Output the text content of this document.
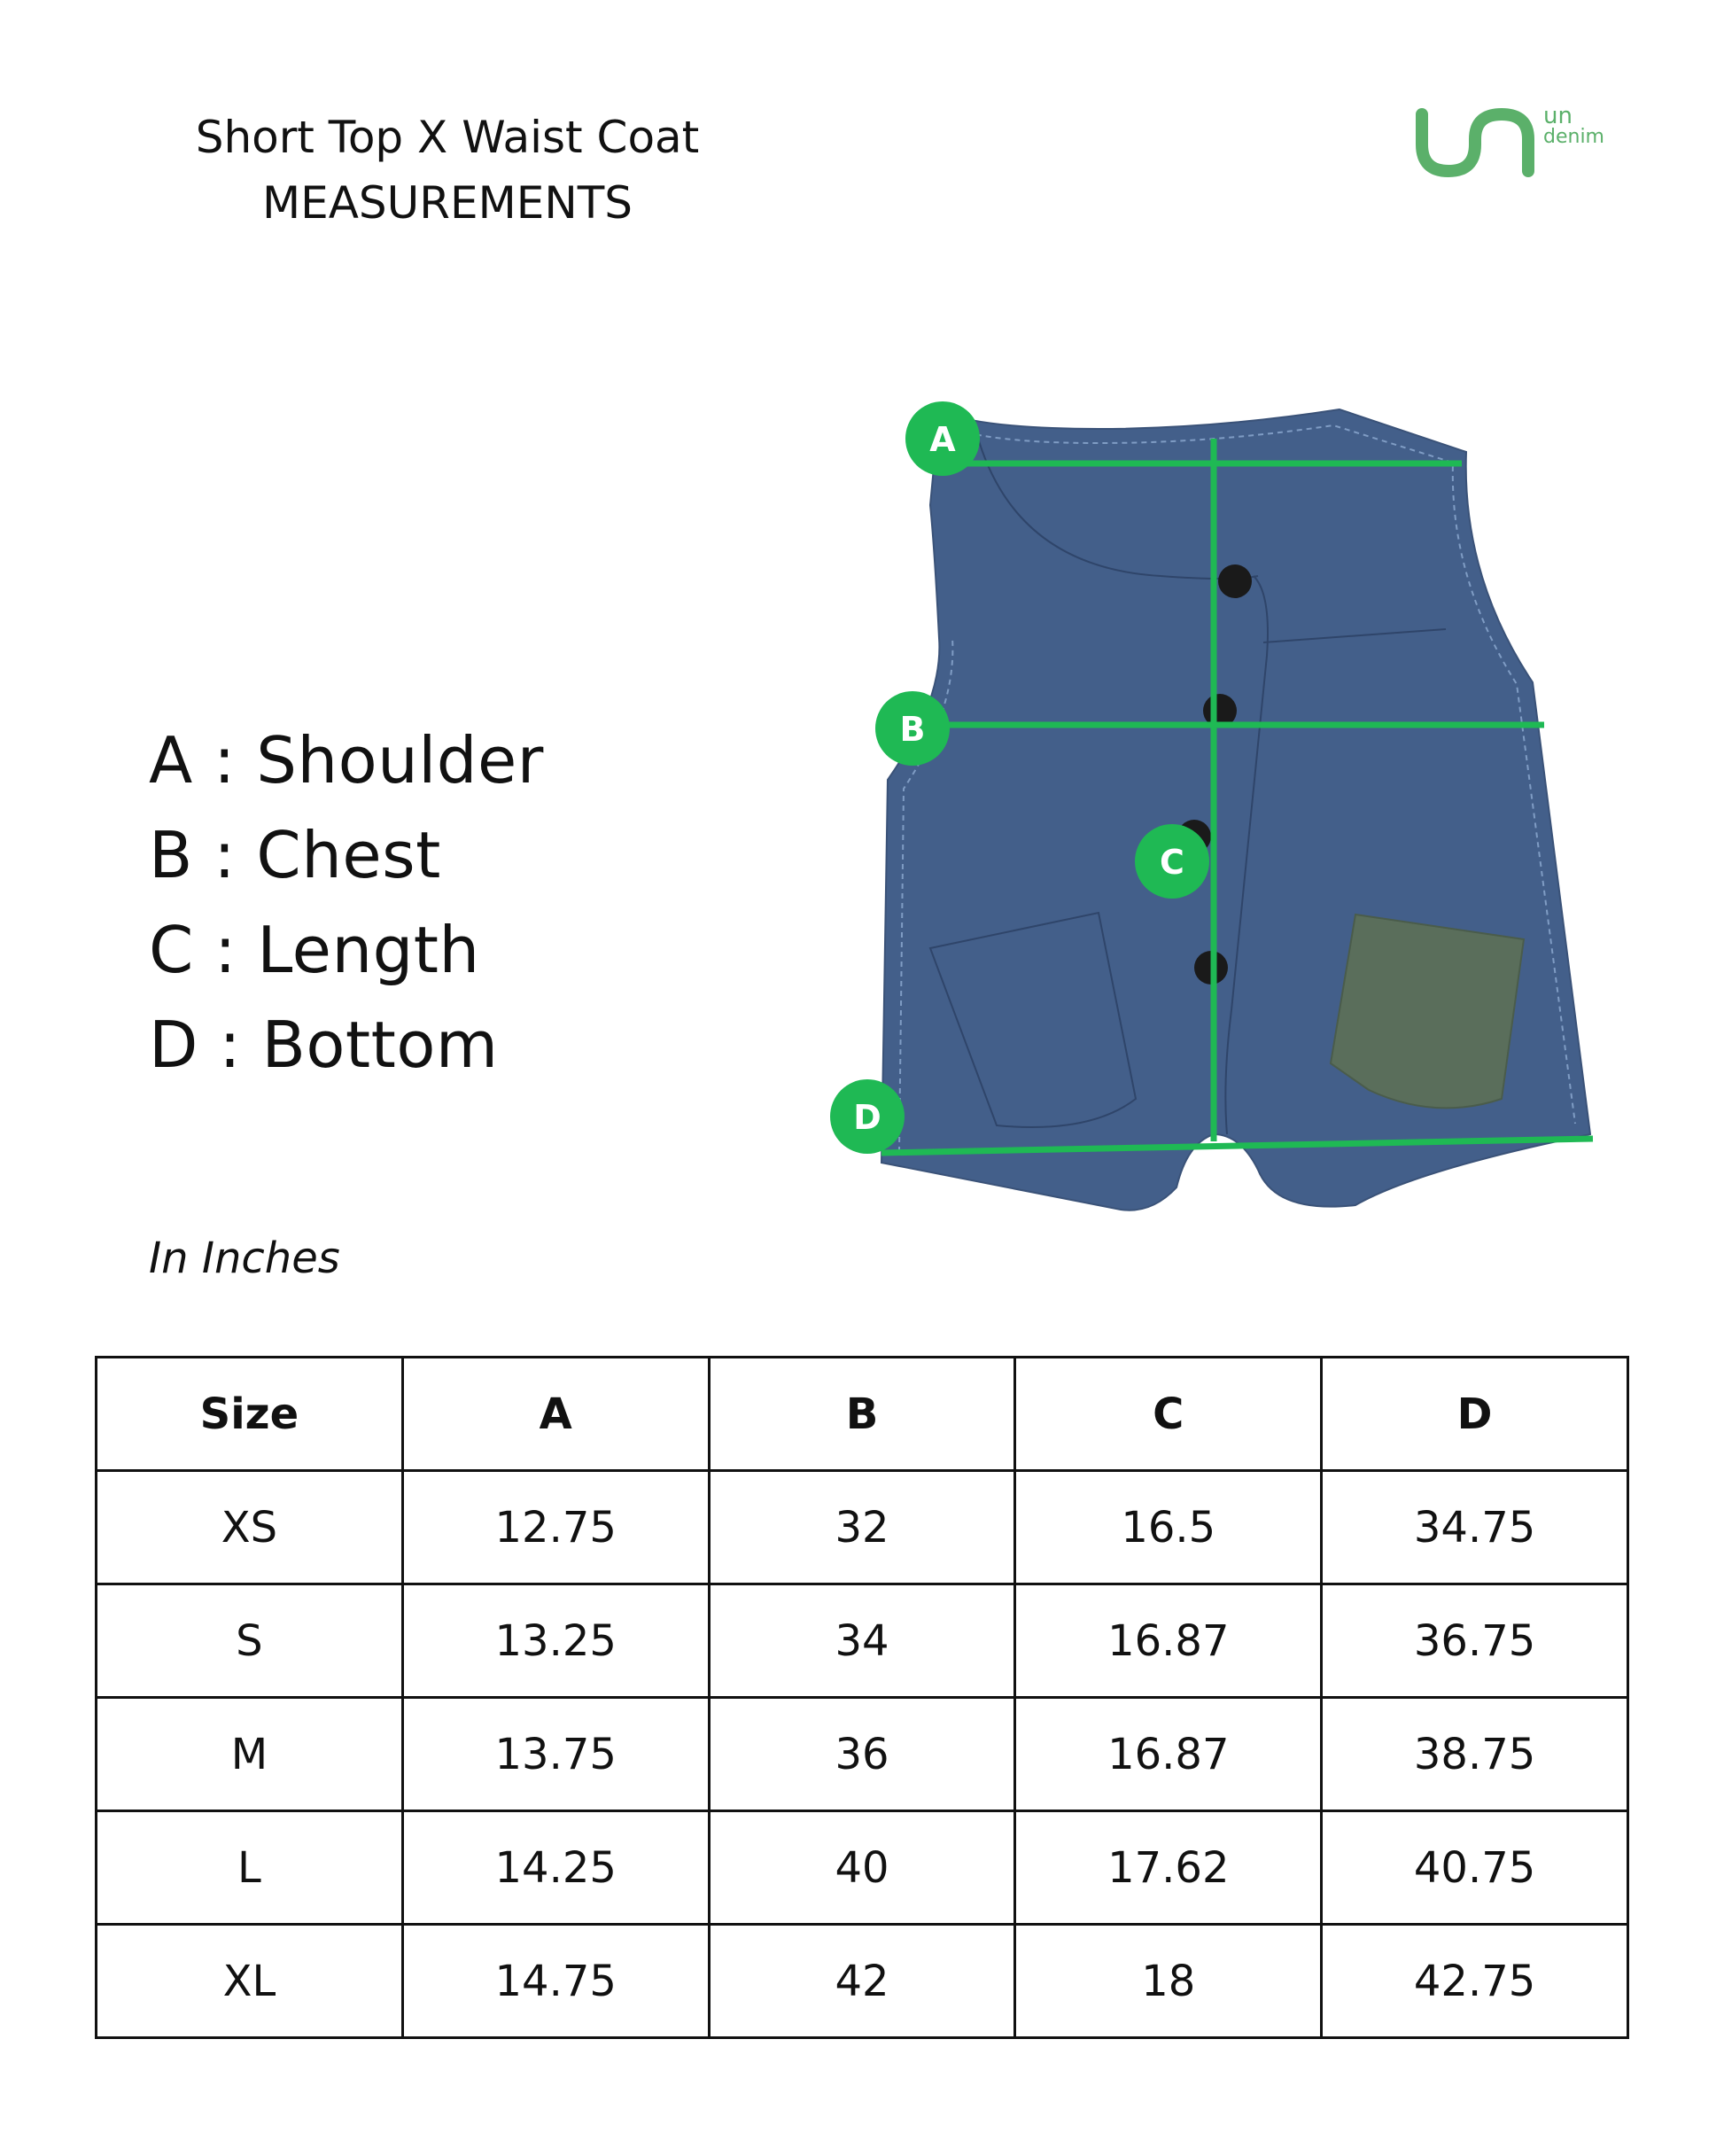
Short Top X Waist Coat
MEASUREMENTS
un
denim
A : Shoulder
B : Chest
C : Length
D : Bottom
A
B
C
D
In Inches
Size	A	B	C	D
XS	12.75	32	16.5	34.75
S	13.25	34	16.87	36.75
M	13.75	36	16.87	38.75
L	14.25	40	17.62	40.75
XL	14.75	42	18	42.75
